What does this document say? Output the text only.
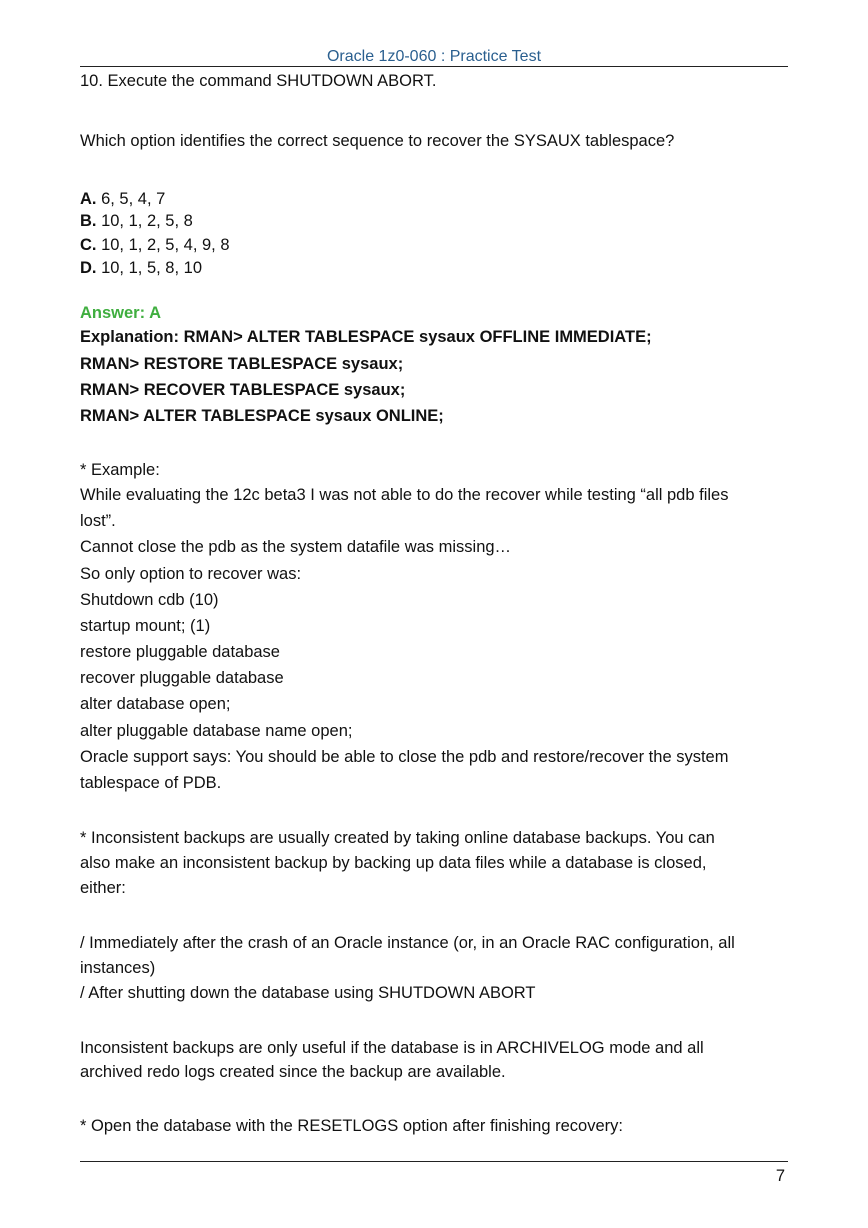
Oracle 1z0-060 : Practice Test
10. Execute the command SHUTDOWN ABORT.
Which option identifies the correct sequence to recover the SYSAUX tablespace?
A. 6, 5, 4, 7
B. 10, 1, 2, 5, 8
C. 10, 1, 2, 5, 4, 9, 8
D. 10, 1, 5, 8, 10
Answer: A
Explanation: RMAN> ALTER TABLESPACE sysaux OFFLINE IMMEDIATE;
RMAN> RESTORE TABLESPACE sysaux;
RMAN> RECOVER TABLESPACE sysaux;
RMAN> ALTER TABLESPACE sysaux ONLINE;
* Example:
While evaluating the 12c beta3 I was not able to do the recover while testing “all pdb files
lost”.
Cannot close the pdb as the system datafile was missing…
So only option to recover was:
Shutdown cdb (10)
startup mount; (1)
restore pluggable database
recover pluggable database
alter database open;
alter pluggable database name open;
Oracle support says: You should be able to close the pdb and restore/recover the system
tablespace of PDB.
* Inconsistent backups are usually created by taking online database backups. You can
also make an inconsistent backup by backing up data files while a database is closed,
either:
/ Immediately after the crash of an Oracle instance (or, in an Oracle RAC configuration, all
instances)
/ After shutting down the database using SHUTDOWN ABORT
Inconsistent backups are only useful if the database is in ARCHIVELOG mode and all
archived redo logs created since the backup are available.
* Open the database with the RESETLOGS option after finishing recovery:
7
